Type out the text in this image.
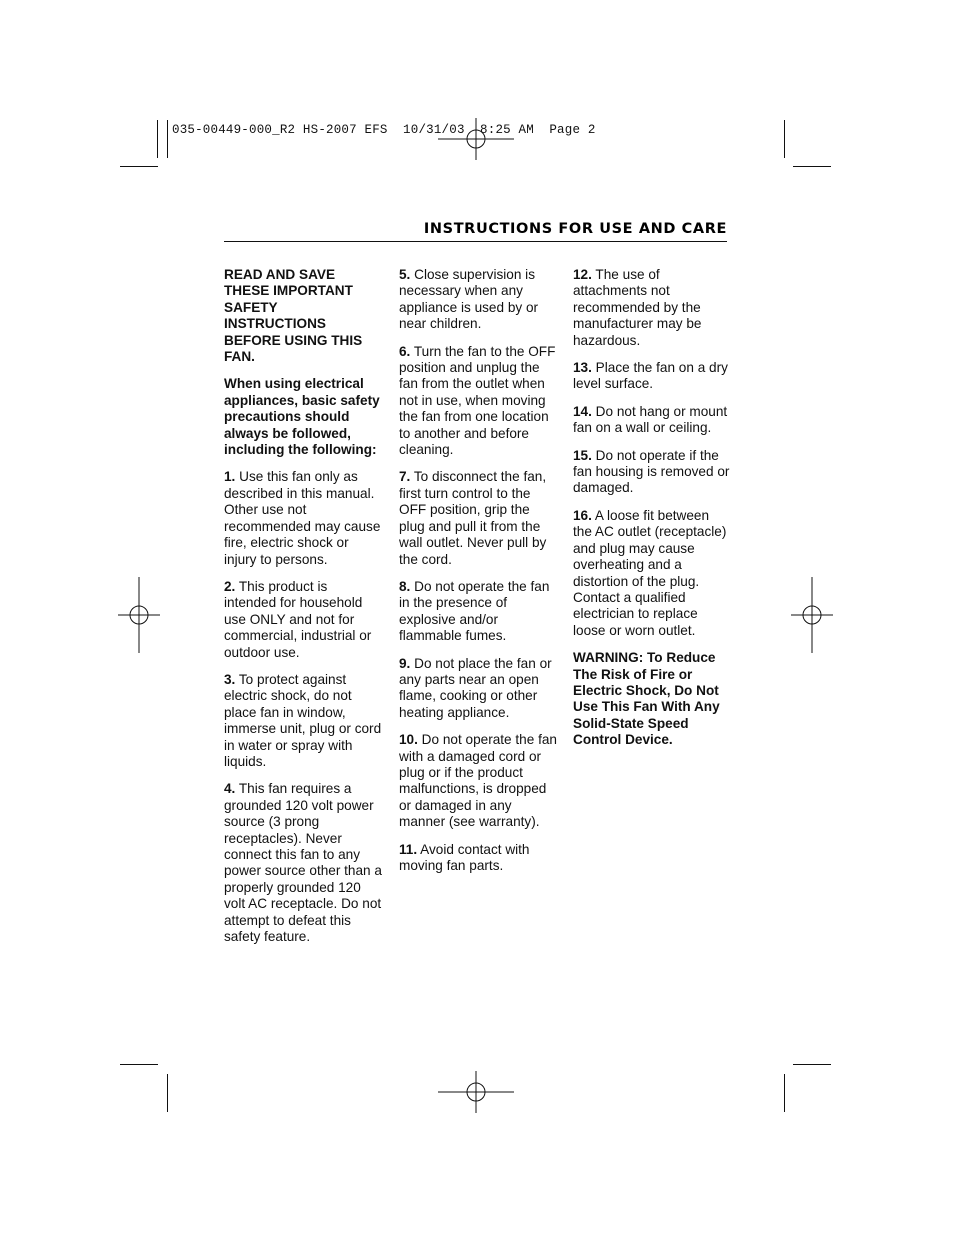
035-00449-000_R2 HS-2007 EFS  10/31/03  8:25 AM  Page 2
INSTRUCTIONS FOR USE AND CARE

READ AND SAVE THESE IMPORTANT SAFETY INSTRUCTIONS BEFORE USING THIS FAN.

When using electrical appliances, basic safety precautions should always be followed, including the following:

1. Use this fan only as described in this manual. Other use not recommended may cause fire, electric shock or injury to persons.

2. This product is intended for household use ONLY and not for commercial, industrial or outdoor use.

3. To protect against electric shock, do not place fan in window, immerse unit, plug or cord in water or spray with liquids.

4. This fan requires a grounded 120 volt power source (3 prong receptacles). Never connect this fan to any power source other than a properly grounded 120 volt AC receptacle. Do not attempt to defeat this safety feature.

5. Close supervision is necessary when any appliance is used by or near children.

6. Turn the fan to the OFF position and unplug the fan from the outlet when not in use, when moving the fan from one location to another and before cleaning.

7. To disconnect the fan, first turn control to the OFF position, grip the plug and pull it from the wall outlet. Never pull by the cord.

8. Do not operate the fan in the presence of explosive and/or flammable fumes.

9. Do not place the fan or any parts near an open flame, cooking or other heating appliance.

10. Do not operate the fan with a damaged cord or plug or if the product malfunctions, is dropped or damaged in any manner (see warranty).

11. Avoid contact with moving fan parts.

12. The use of attachments not recommended by the manufacturer may be hazardous.

13. Place the fan on a dry level surface.

14. Do not hang or mount fan on a wall or ceiling.

15. Do not operate if the fan housing is removed or damaged.

16. A loose fit between the AC outlet (receptacle) and plug may cause overheating and a distortion of the plug. Contact a qualified electrician to replace loose or worn outlet.

WARNING: To Reduce The Risk of Fire or Electric Shock, Do Not Use This Fan With Any Solid-State Speed Control Device.
